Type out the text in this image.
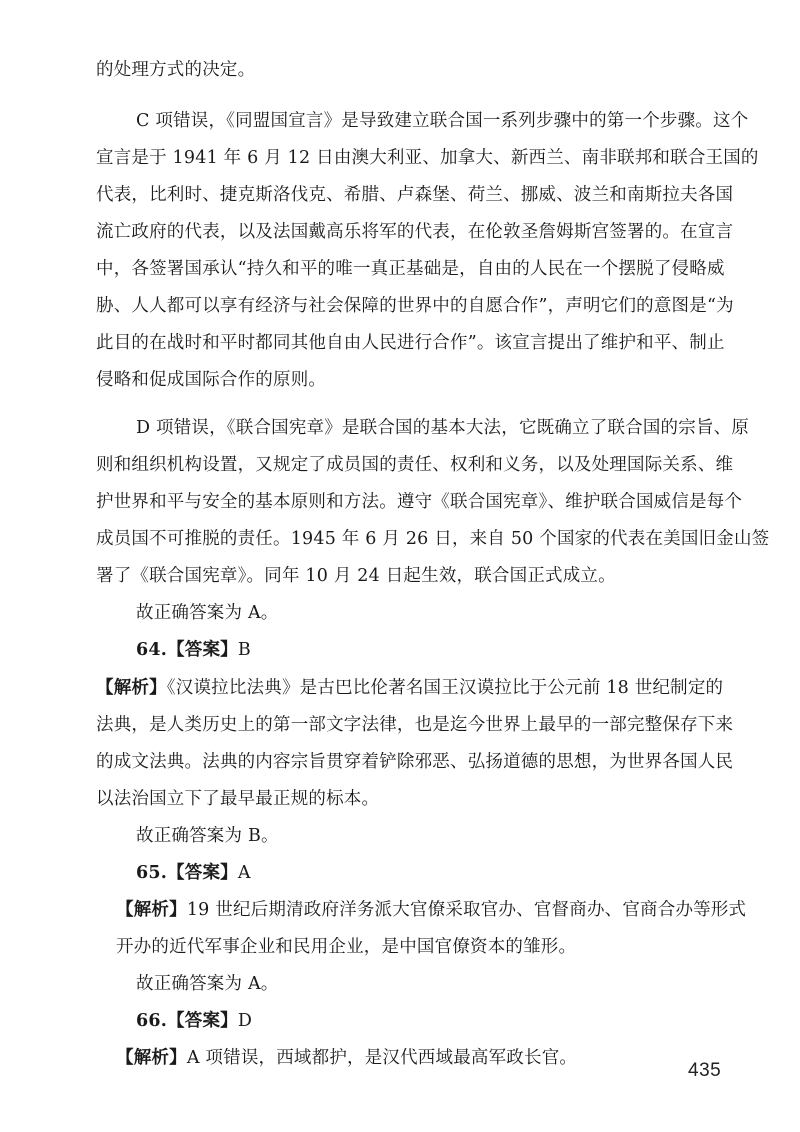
的处理方式的决定。
C 项错误，《同盟国宣言》是导致建立联合国一系列步骤中的第一个步骤。这个
宣言是于 1941 年 6 月 12 日由澳大利亚、加拿大、新西兰、南非联邦和联合王国的
代表，比利时、捷克斯洛伐克、希腊、卢森堡、荷兰、挪威、波兰和南斯拉夫各国
流亡政府的代表，以及法国戴高乐将军的代表，在伦敦圣詹姆斯宫签署的。在宣言
中，各签署国承认“持久和平的唯一真正基础是，自由的人民在一个摆脱了侵略威
胁、人人都可以享有经济与社会保障的世界中的自愿合作”，声明它们的意图是“为
此目的在战时和平时都同其他自由人民进行合作”。该宣言提出了维护和平、制止
侵略和促成国际合作的原则。
D 项错误，《联合国宪章》是联合国的基本大法，它既确立了联合国的宗旨、原
则和组织机构设置，又规定了成员国的责任、权利和义务，以及处理国际关系、维
护世界和平与安全的基本原则和方法。遵守《联合国宪章》、维护联合国威信是每个
成员国不可推脱的责任。1945 年 6 月 26 日，来自 50 个国家的代表在美国旧金山签
署了《联合国宪章》。同年 10 月 24 日起生效，联合国正式成立。
故正确答案为 A。
64.【答案】B
【解析】《汉谟拉比法典》是古巴比伦著名国王汉谟拉比于公元前 18 世纪制定的
法典，是人类历史上的第一部文字法律，也是迄今世界上最早的一部完整保存下来
的成文法典。法典的内容宗旨贯穿着铲除邪恶、弘扬道德的思想，为世界各国人民
以法治国立下了最早最正规的标本。
故正确答案为 B。
65.【答案】A
【解析】19 世纪后期清政府洋务派大官僚采取官办、官督商办、官商合办等形式
开办的近代军事企业和民用企业，是中国官僚资本的雏形。
故正确答案为 A。
66.【答案】D
【解析】A 项错误，西域都护，是汉代西域最高军政长官。
435
